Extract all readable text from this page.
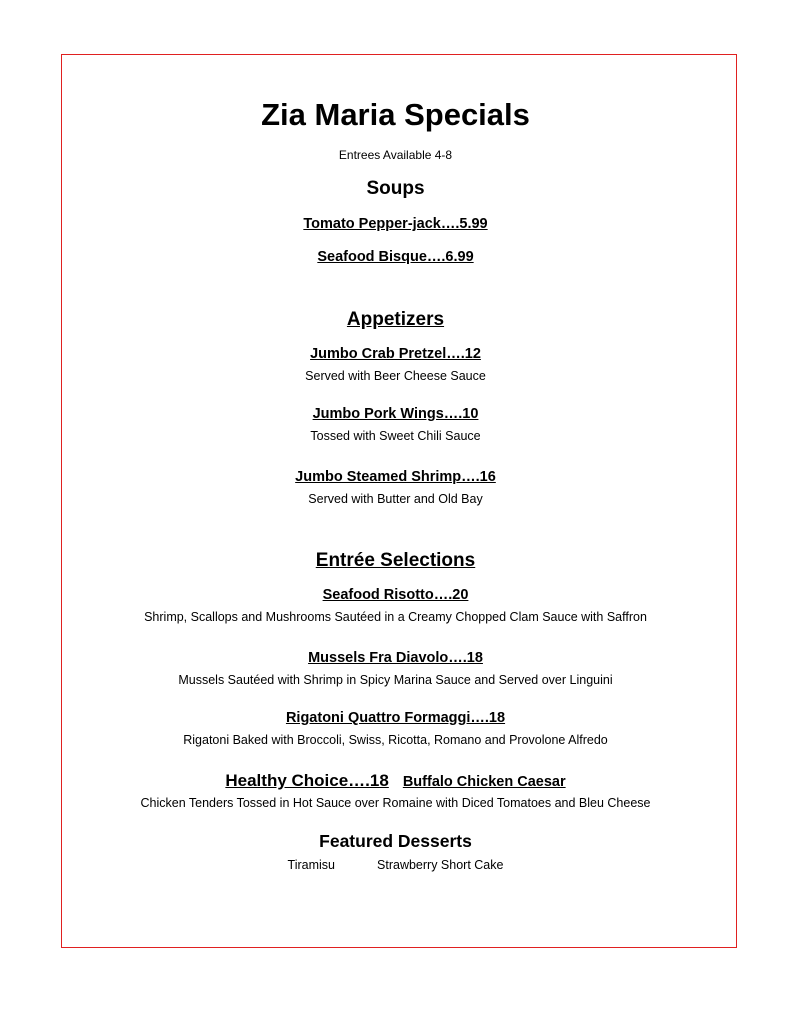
Zia Maria Specials
Entrees Available 4-8
Soups
Tomato Pepper-jack….5.99
Seafood Bisque….6.99
Appetizers
Jumbo Crab Pretzel….12
Served with Beer Cheese Sauce
Jumbo Pork Wings….10
Tossed with Sweet Chili Sauce
Jumbo Steamed Shrimp….16
Served with Butter and Old Bay
Entrée Selections
Seafood Risotto….20
Shrimp, Scallops and Mushrooms Sautéed in a Creamy Chopped Clam Sauce with Saffron
Mussels Fra Diavolo….18
Mussels Sautéed with Shrimp in Spicy Marina Sauce and Served over Linguini
Rigatoni Quattro Formaggi….18
Rigatoni Baked with Broccoli, Swiss, Ricotta, Romano and Provolone Alfredo
Healthy Choice….18 Buffalo Chicken Caesar
Chicken Tenders Tossed in Hot Sauce over Romaine with Diced Tomatoes and Bleu Cheese
Featured Desserts
Tiramisu	Strawberry Short Cake
